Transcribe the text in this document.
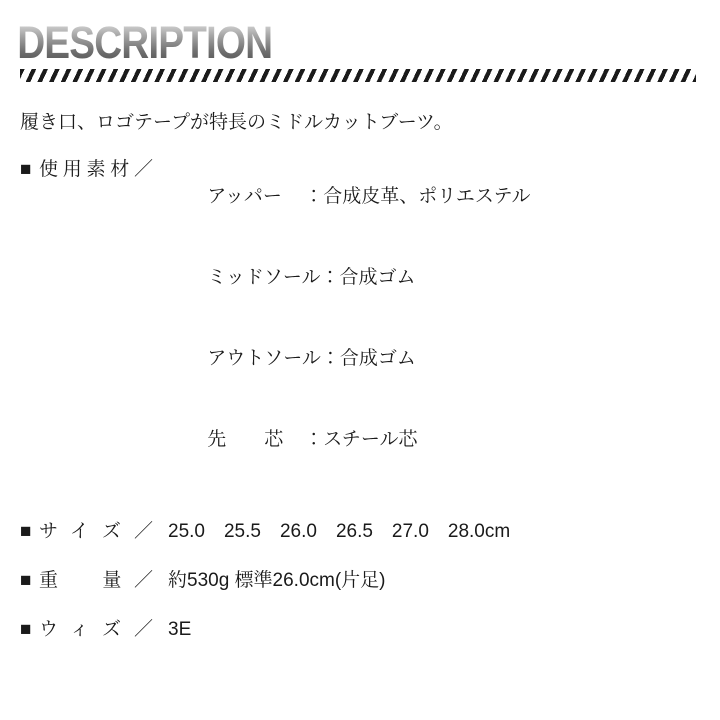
DESCRIPTION

履き口、ロゴテープが特長のミドルカットブーツ。

■ 使用素材／

アッパー　：合成皮革、ポリエステル

ミッドソール：合成ゴム

アウトソール：合成ゴム

先　　芯 ：スチール芯

■ サイズ／ 25.0　25.5　26.0　26.5　27.0　28.0cm
■ 重　量／ 約530g 標準26.0cm(片足)
■ ウィズ／ 3E
